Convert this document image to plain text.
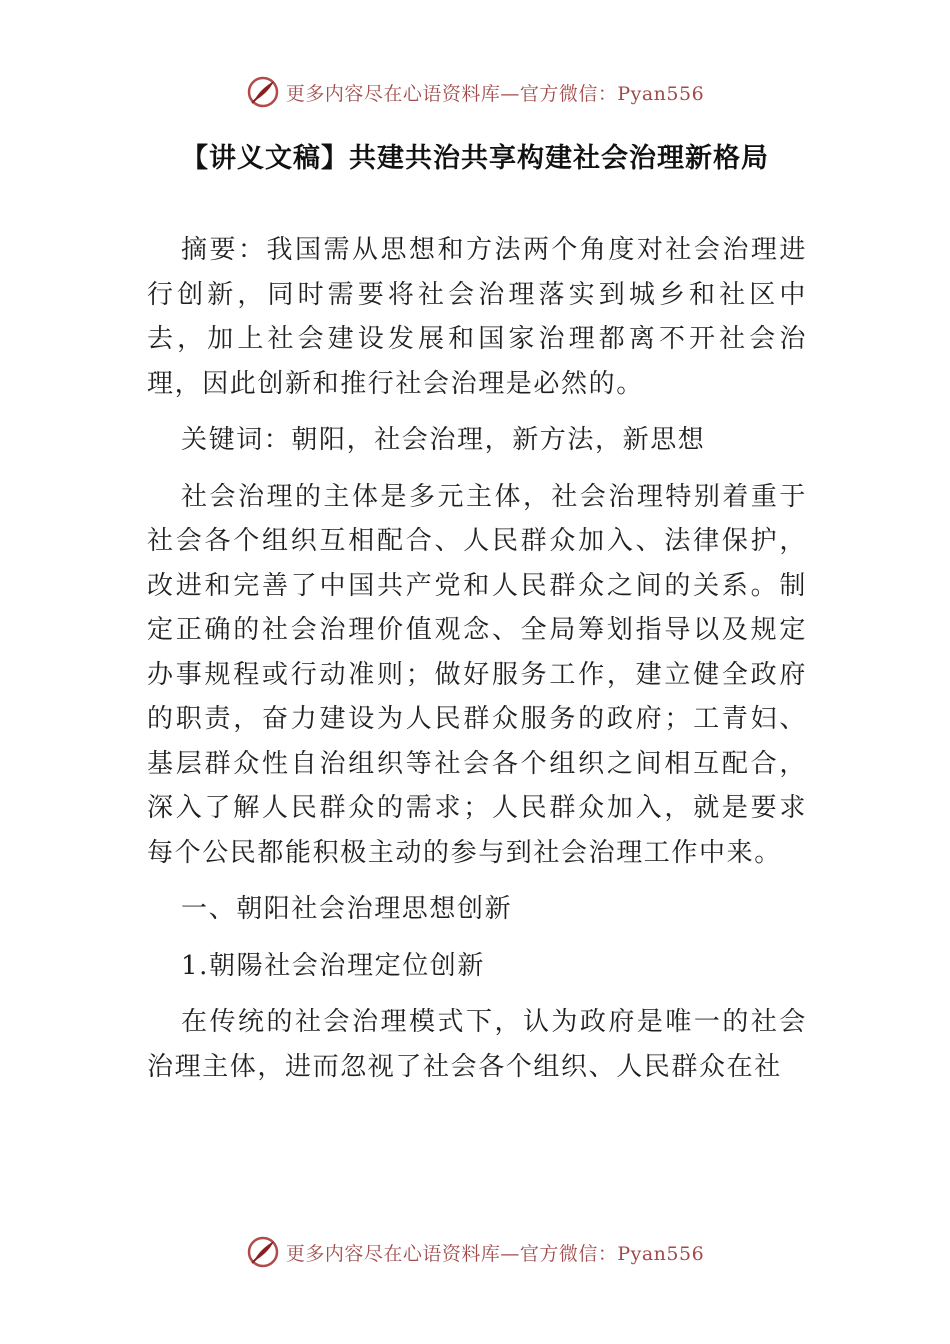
更多内容尽在心语资料库—官方微信：Pyan556
【讲义文稿】共建共治共享构建社会治理新格局

摘要：我国需从思想和方法两个角度对社会治理进行创新，同时需要将社会治理落实到城乡和社区中去，加上社会建设发展和国家治理都离不开社会治理，因此创新和推行社会治理是必然的。

关键词：朝阳，社会治理，新方法，新思想

社会治理的主体是多元主体，社会治理特别着重于社会各个组织互相配合、人民群众加入、法律保护，改进和完善了中国共产党和人民群众之间的关系。制定正确的社会治理价值观念、全局筹划指导以及规定办事规程或行动准则；做好服务工作，建立健全政府的职责，奋力建设为人民群众服务的政府；工青妇、基层群众性自治组织等社会各个组织之间相互配合，深入了解人民群众的需求；人民群众加入，就是要求每个公民都能积极主动的参与到社会治理工作中来。

一、朝阳社会治理思想创新

1.朝陽社会治理定位创新

在传统的社会治理模式下，认为政府是唯一的社会治理主体，进而忽视了社会各个组织、人民群众在社

更多内容尽在心语资料库—官方微信：Pyan556
